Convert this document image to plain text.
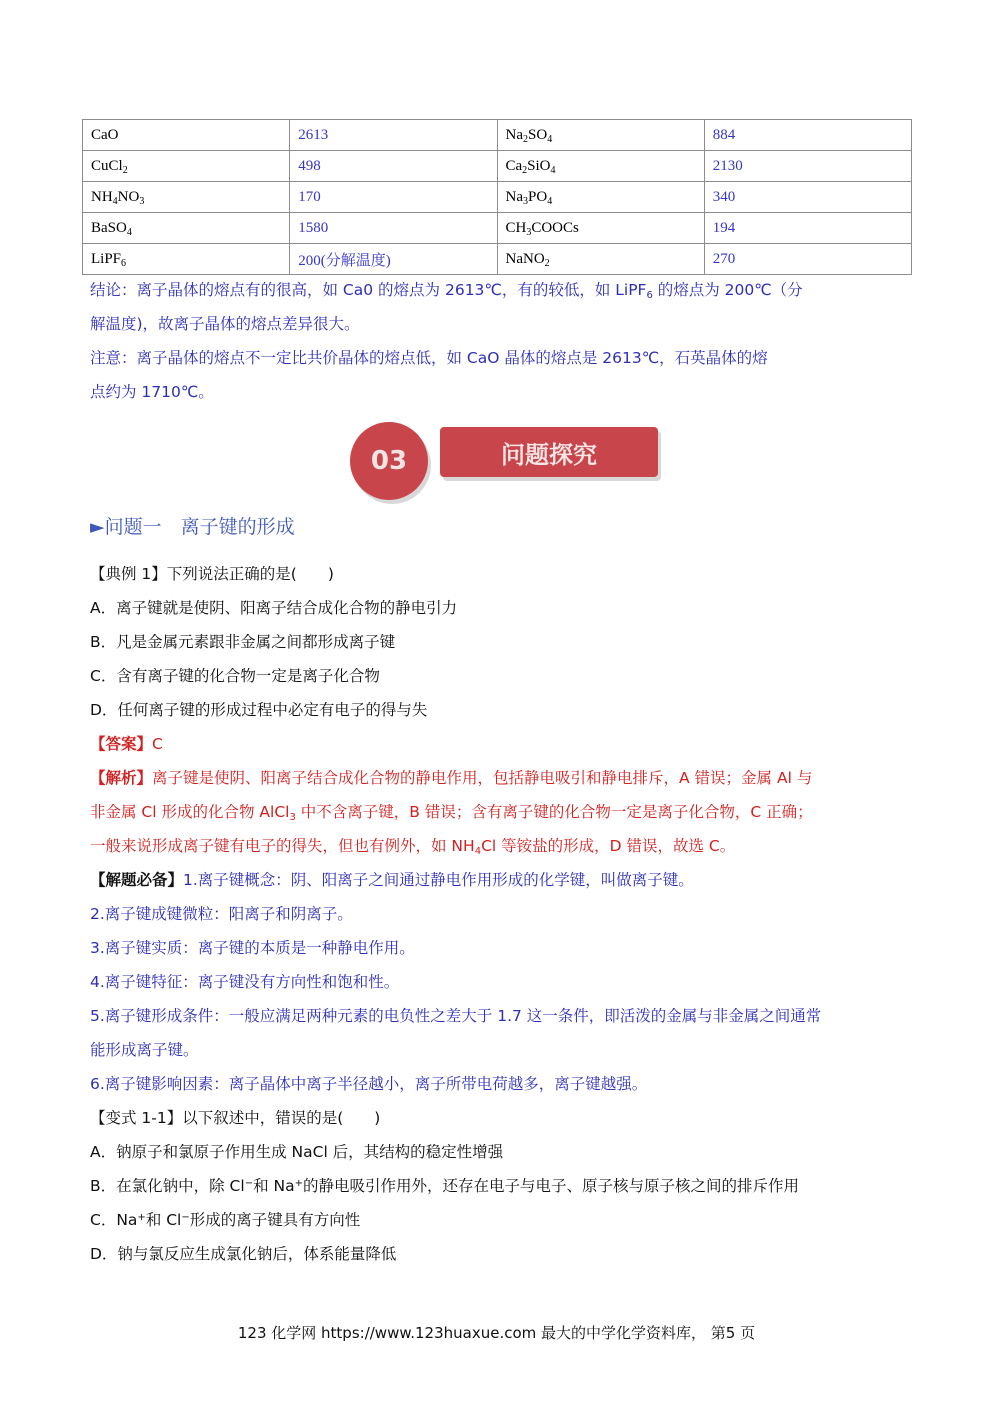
CaO	2613	$Na_2SO_4$	884
CuCl$_2$	498	$Ca_2SiO_4$	2130
$NH_4NO_3$	170	$Na_3PO_4$	340
BaSO$_4$	1580	$CH_3COOCs$	194
LiPF$_6$	200(分解温度)	NaNO$_2$	270
结论：离子晶体的熔点有的很高，如 Ca0 的熔点为 2613℃，有的较低，如 LiPF$_6$ 的熔点为 200℃（分
解温度)，故离子晶体的熔点差异很大。
注意：离子晶体的熔点不一定比共价晶体的熔点低，如 CaO 晶体的熔点是 2613℃，石英晶体的熔
点约为 1710℃。
03	问题探究
►问题一　离子键的形成
【典例 1】下列说法正确的是(　　)
A．离子键就是使阴、阳离子结合成化合物的静电引力
B．凡是金属元素跟非金属之间都形成离子键
C．含有离子键的化合物一定是离子化合物
D．任何离子键的形成过程中必定有电子的得与失
【答案】C
【解析】离子键是使阴、阳离子结合成化合物的静电作用，包括静电吸引和静电排斥，A 错误；金属 Al 与
非金属 Cl 形成的化合物 AlCl$_3$ 中不含离子键，B 错误；含有离子键的化合物一定是离子化合物，C 正确；
一般来说形成离子键有电子的得失，但也有例外，如 $NH_4Cl$ 等铵盐的形成，D 错误，故选 C。
【解题必备】1.离子键概念：阴、阳离子之间通过静电作用形成的化学键，叫做离子键。
2.离子键成键微粒：阳离子和阴离子。
3.离子键实质：离子键的本质是一种静电作用。
4.离子键特征：离子键没有方向性和饱和性。
5.离子键形成条件：一般应满足两种元素的电负性之差大于 1.7 这一条件，即活泼的金属与非金属之间通常
能形成离子键。
6.离子键影响因素：离子晶体中离子半径越小，离子所带电荷越多，离子键越强。
【变式 1-1】以下叙述中，错误的是(　　)
A．钠原子和氯原子作用生成 NaCl 后，其结构的稳定性增强
B．在氯化钠中，除 Cl−和 Na+的静电吸引作用外，还存在电子与电子、原子核与原子核之间的排斥作用
C．Na+和 Cl−形成的离子键具有方向性
D．钠与氯反应生成氯化钠后，体系能量降低
123 化学网 https://www.123huaxue.com 最大的中学化学资料库， 第5 页
